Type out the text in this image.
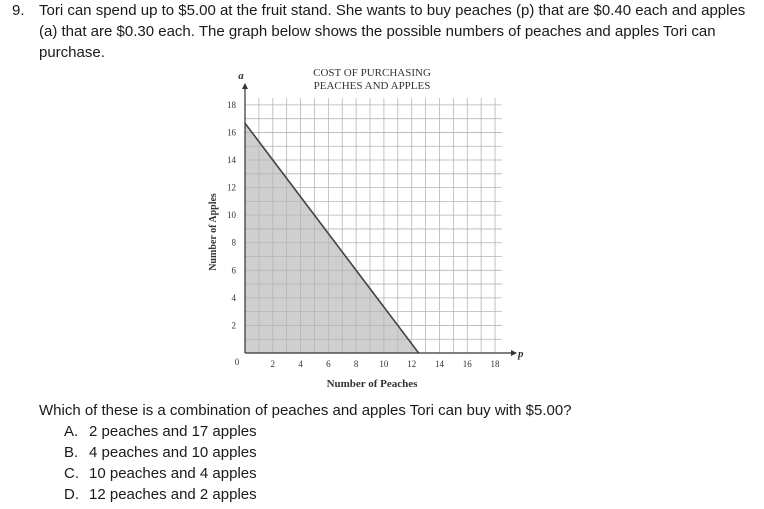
9. Tori can spend up to $5.00 at the fruit stand. She wants to buy peaches (p) that are $0.40 each and apples (a) that are $0.30 each. The graph below shows the possible numbers of peaches and apples Tori can purchase.

COST OF PURCHASING
PEACHES AND APPLES
2	4	6	8 10 12 14 16 18
2
4
6
8
10
12
14
16
18
Number of Peaches
Number of Apples
p
a
0

Which of these is a combination of peaches and apples Tori can buy with $5.00?

A. 2 peaches and 17 apples
B. 4 peaches and 10 apples
C. 10 peaches and 4 apples
D. 12 peaches and 2 apples
